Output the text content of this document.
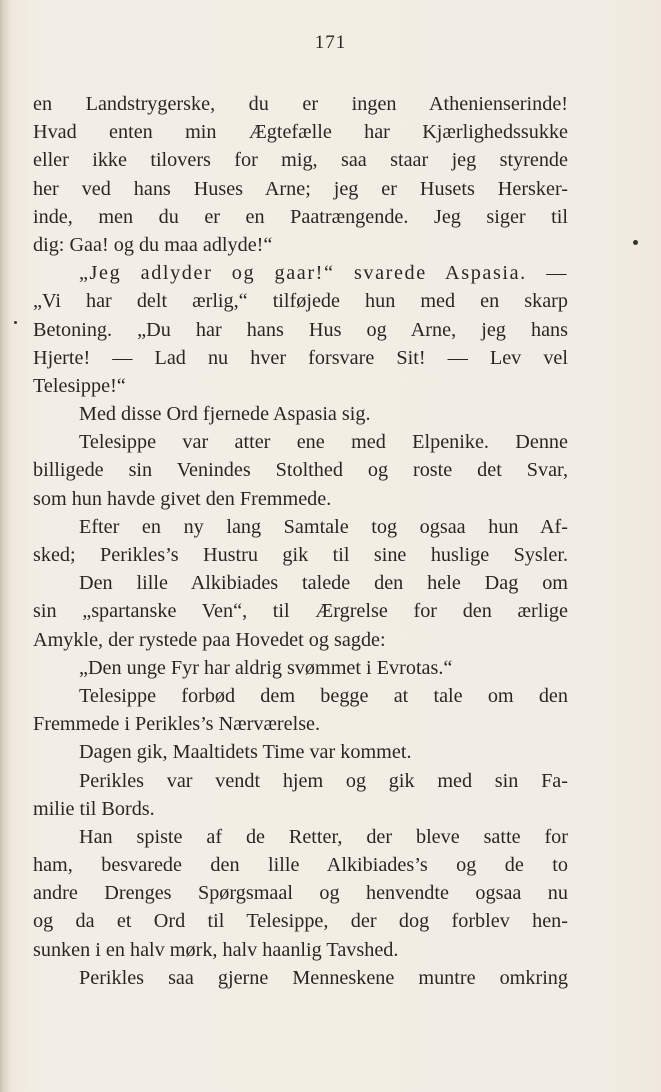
171
en Landstrygerske, du er ingen Athenienserinde!
Hvad enten min Ægtefælle har Kjærlighedssukke
eller ikke tilovers for mig, saa staar jeg styrende
her ved hans Huses Arne; jeg er Husets Hersker-
inde, men du er en Paatrængende. Jeg siger til
dig: Gaa! og du maa adlyde!“
„Jeg adlyder og gaar!“ svarede Aspasia. —
„Vi har delt ærlig,“ tilføjede hun med en skarp
Betoning. „Du har hans Hus og Arne, jeg hans
Hjerte! — Lad nu hver forsvare Sit! — Lev vel
Telesippe!“
Med disse Ord fjernede Aspasia sig.
Telesippe var atter ene med Elpenike. Denne
billigede sin Venindes Stolthed og roste det Svar,
som hun havde givet den Fremmede.
Efter en ny lang Samtale tog ogsaa hun Af-
sked; Perikles’s Hustru gik til sine huslige Sysler.
Den lille Alkibiades talede den hele Dag om
sin „spartanske Ven“, til Ærgrelse for den ærlige
Amykle, der rystede paa Hovedet og sagde:
„Den unge Fyr har aldrig svømmet i Evrotas.“
Telesippe forbød dem begge at tale om den
Fremmede i Perikles’s Nærværelse.
Dagen gik, Maaltidets Time var kommet.
Perikles var vendt hjem og gik med sin Fa-
milie til Bords.
Han spiste af de Retter, der bleve satte for
ham, besvarede den lille Alkibiades’s og de to
andre Drenges Spørgsmaal og henvendte ogsaa nu
og da et Ord til Telesippe, der dog forblev hen-
sunken i en halv mørk, halv haanlig Tavshed.
Perikles saa gjerne Menneskene muntre omkring
